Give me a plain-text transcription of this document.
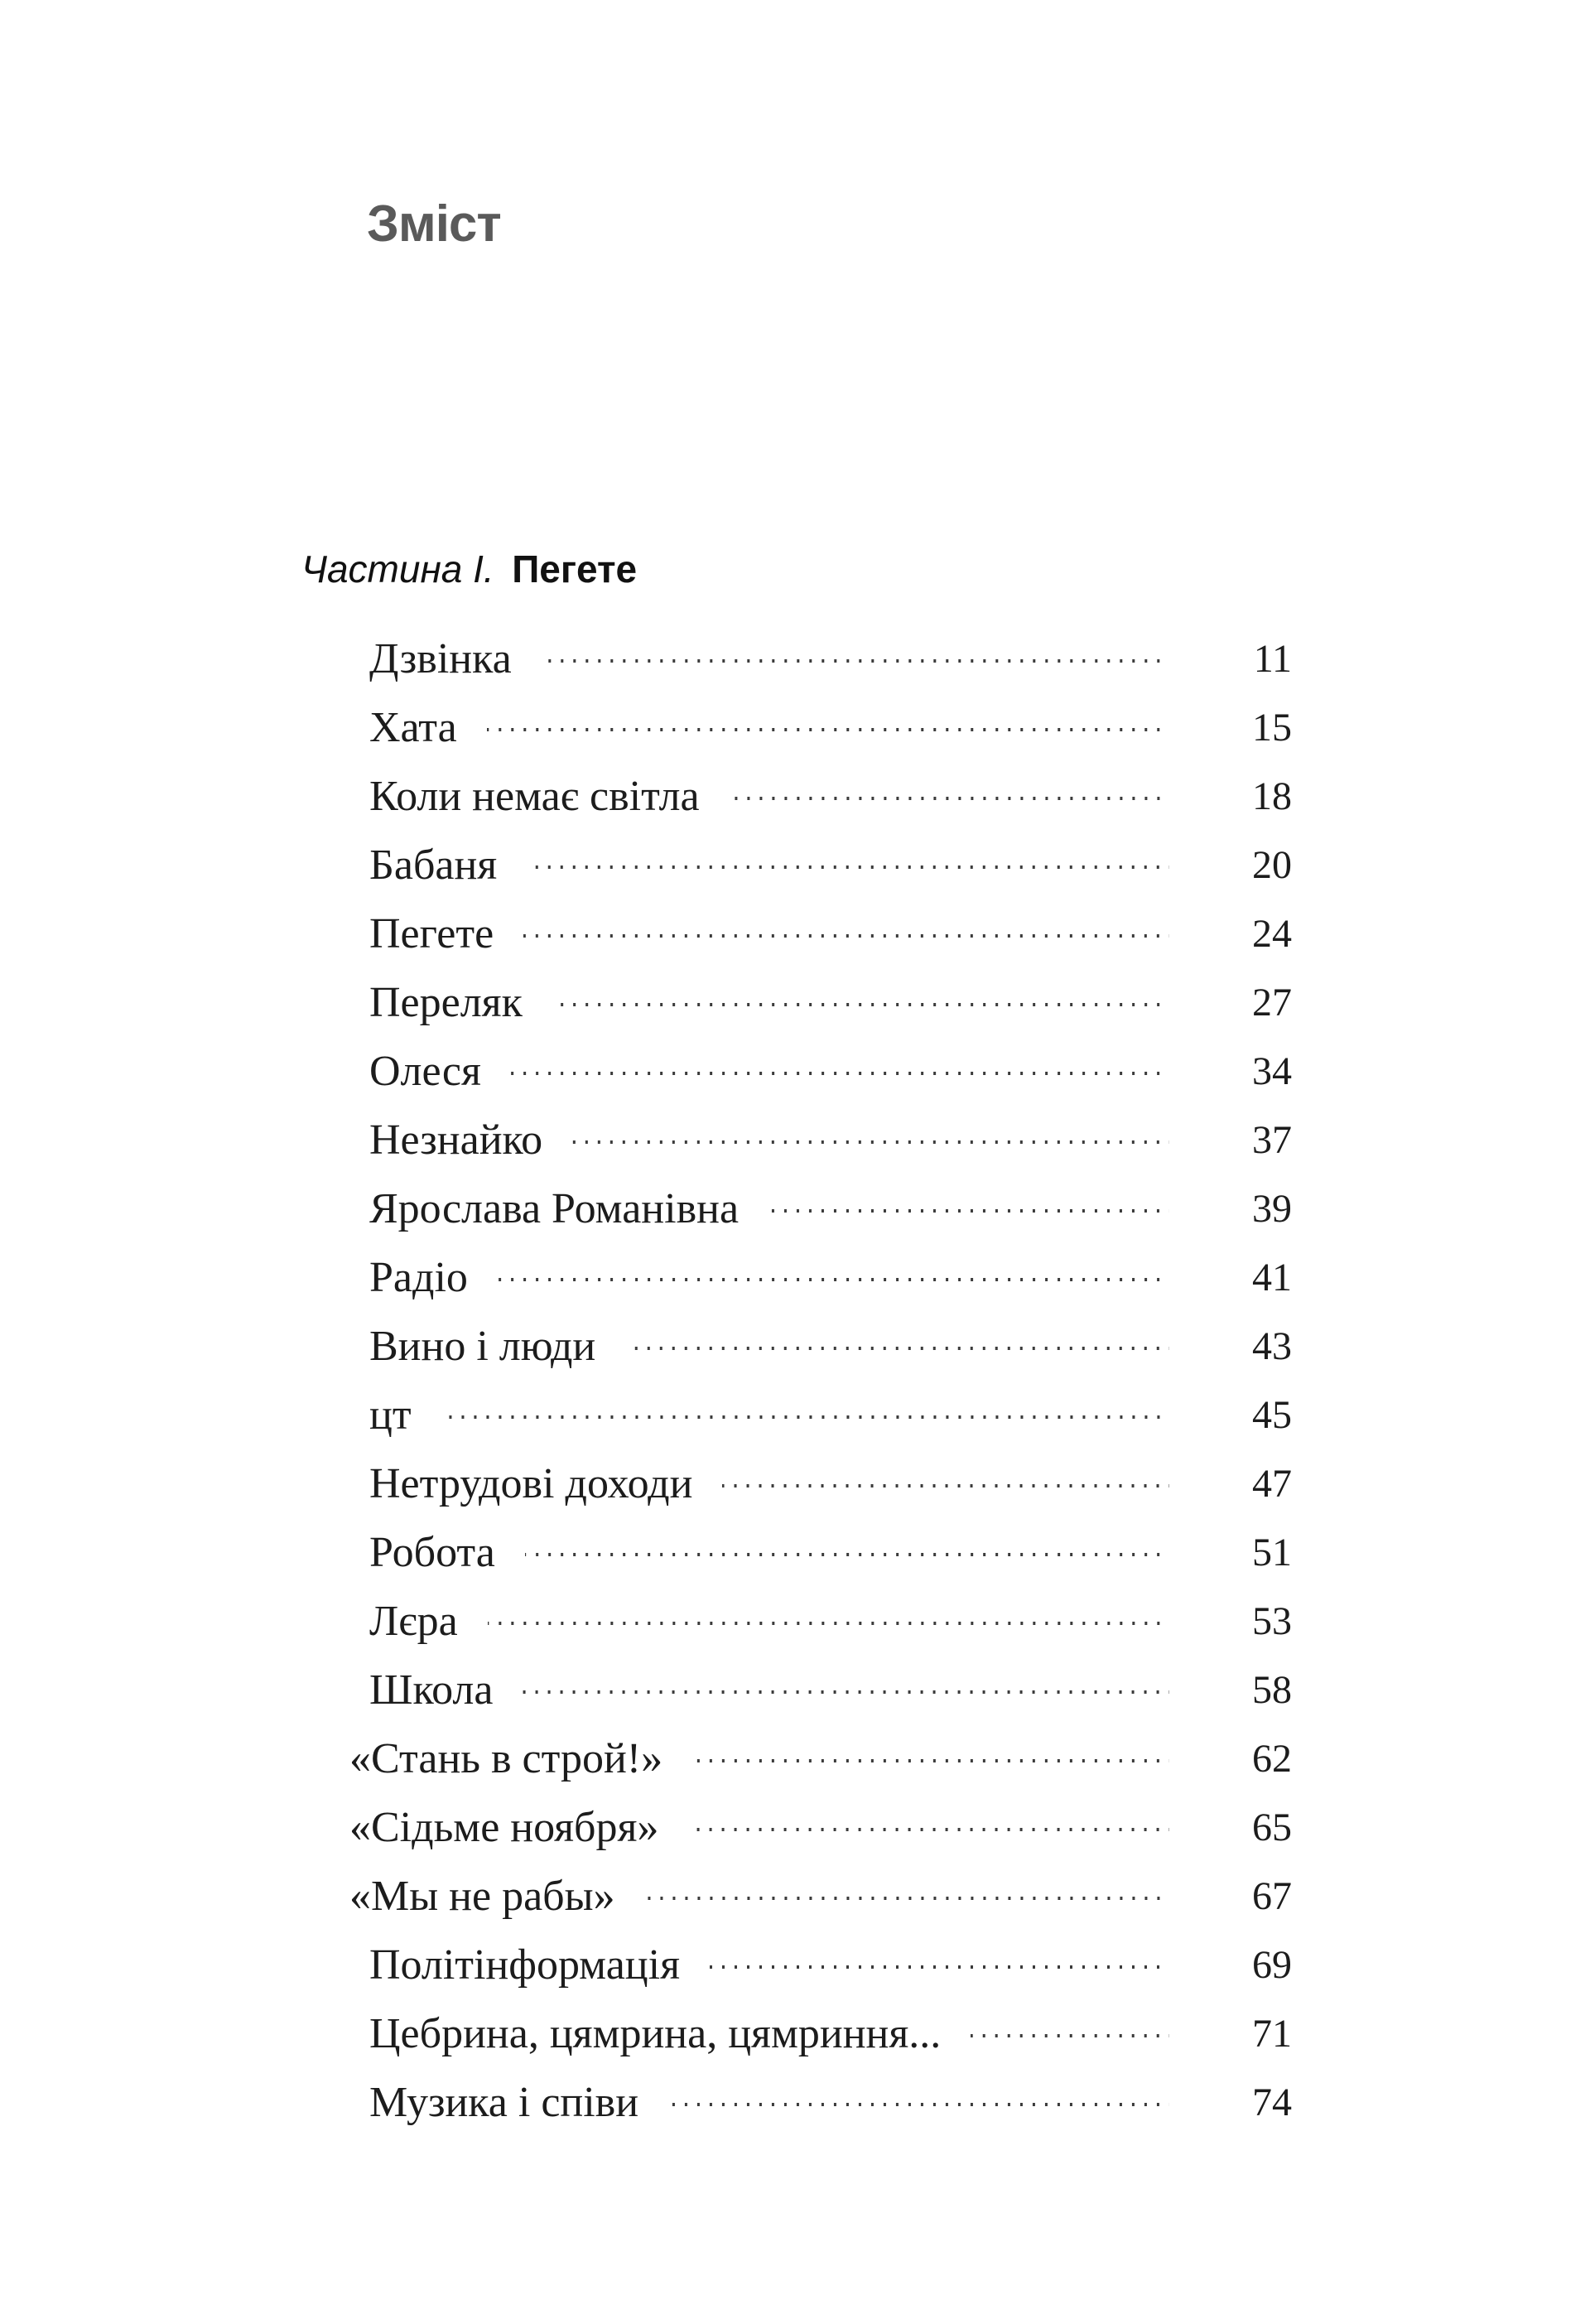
Зміст
Частина І. Пегете
Дзвінка	11
Хата	15
Коли немає світла	18
Бабаня	20
Пегете	24
Переляк	27
Олеся	34
Незнайко	37
Ярослава Романівна	39
Радіо	41
Вино і люди	43
цт	45
Нетрудові доходи	47
Робота	51
Лєра	53
Школа	58
«Стань в строй!»	62
«Сідьме ноября»	65
«Мы не рабы»	67
Політінформація	69
Цебрина, цямрина, цямриння...	71
Музика і співи	74
